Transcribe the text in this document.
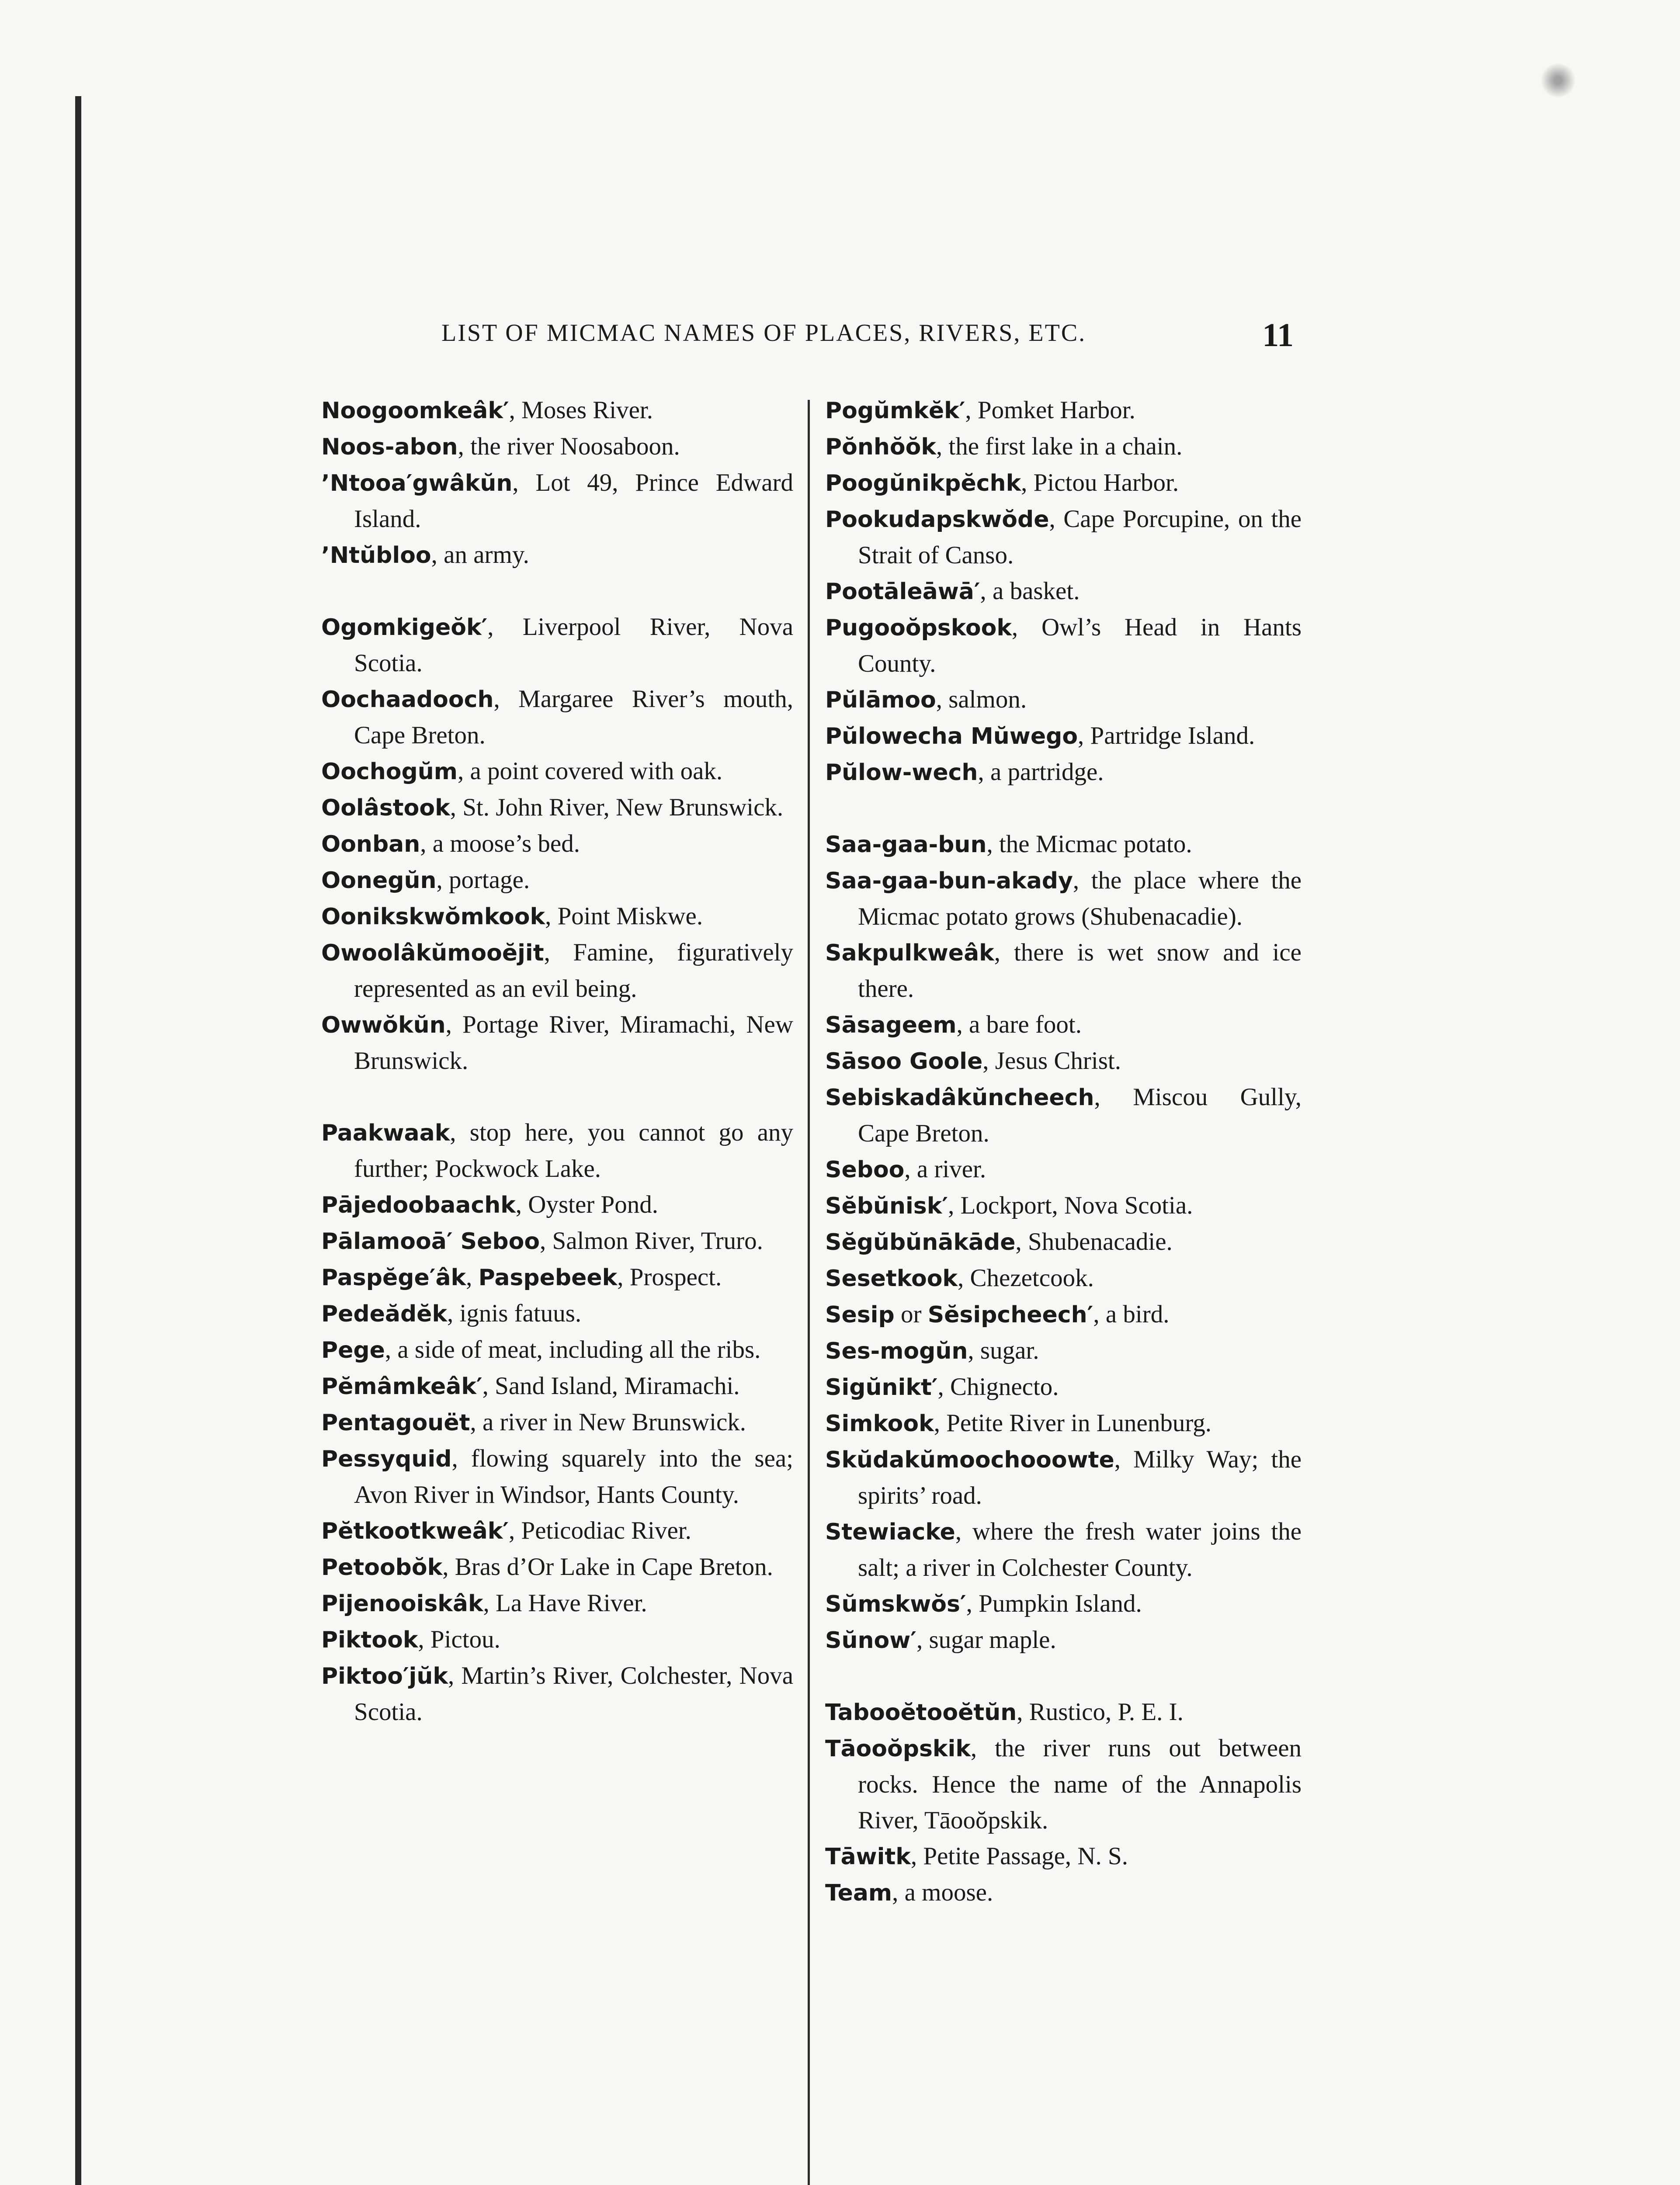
LIST OF MICMAC NAMES OF PLACES, RIVERS, ETC.	11

Noogoomkeâk′, Moses River.

Noos-abon, the river Noosaboon.

’Ntooa′gwâkŭn, Lot 49, Prince Edward Island.

’Ntŭbloo, an army.

Ogomkigeŏk′, Liverpool River, Nova Scotia.

Oochaadooch, Margaree River’s mouth, Cape Breton.

Oochogŭm, a point covered with oak.

Oolâstook, St. John River, New Brunswick.

Oonban, a moose’s bed.

Oonegŭn, portage.

Oonikskwŏmkook, Point Miskwe.

Owoolâkŭmooĕjit, Famine, figuratively represented as an evil being.

Owwŏkŭn, Portage River, Miramachi, New Brunswick.

Paakwaak, stop here, you cannot go any further; Pockwock Lake.

Pājedoobaachk, Oyster Pond.

Pālamooā′ Seboo, Salmon River, Truro.

Paspĕge′âk, Paspebeek, Prospect.

Pedeădĕk, ignis fatuus.

Pege, a side of meat, including all the ribs.

Pĕmâmkeâk′, Sand Island, Miramachi.

Pentagouët, a river in New Brunswick.

Pessyquid, flowing squarely into the sea; Avon River in Windsor, Hants County.

Pĕtkootkweâk′, Peticodiac River.

Petoobŏk, Bras d’Or Lake in Cape Breton.

Pijenooiskâk, La Have River.

Piktook, Pictou.

Piktoo′jŭk, Martin’s River, Colchester, Nova Scotia.

Pogŭmkĕk′, Pomket Harbor.

Pŏnhŏŏk, the first lake in a chain.

Poogŭnikpĕchk, Pictou Harbor.

Pookudapskwŏde, Cape Porcupine, on the Strait of Canso.

Pootāleāwā′, a basket.

Pugooŏpskook, Owl’s Head in Hants County.

Pŭlāmoo, salmon.

Pŭlowecha Mŭwego, Partridge Island.

Pŭlow-wech, a partridge.

Saa-gaa-bun, the Micmac potato.

Saa-gaa-bun-akady, the place where the Micmac potato grows (Shubenacadie).

Sakpulkweâk, there is wet snow and ice there.

Sāsageem, a bare foot.

Sāsoo Goole, Jesus Christ.

Sebiskadâkŭncheech, Miscou Gully, Cape Breton.

Seboo, a river.

Sĕbŭnisk′, Lockport, Nova Scotia.

Sĕgŭbŭnākāde, Shubenacadie.

Sesetkook, Chezetcook.

Sesip or Sĕsipcheech′, a bird.

Ses-mogŭn, sugar.

Sigŭnikt′, Chignecto.

Simkook, Petite River in Lunenburg.

Skŭdakŭmoochooowte, Milky Way; the spirits’ road.

Stewiacke, where the fresh water joins the salt; a river in Colchester County.

Sŭmskwŏs′, Pumpkin Island.

Sŭnow′, sugar maple.

Tabooĕtooĕtŭn, Rustico, P. E. I.

Tāooŏpskik, the river runs out between rocks. Hence the name of the Annapolis River, Tāooŏpskik.

Tāwitk, Petite Passage, N. S.

Team, a moose.
